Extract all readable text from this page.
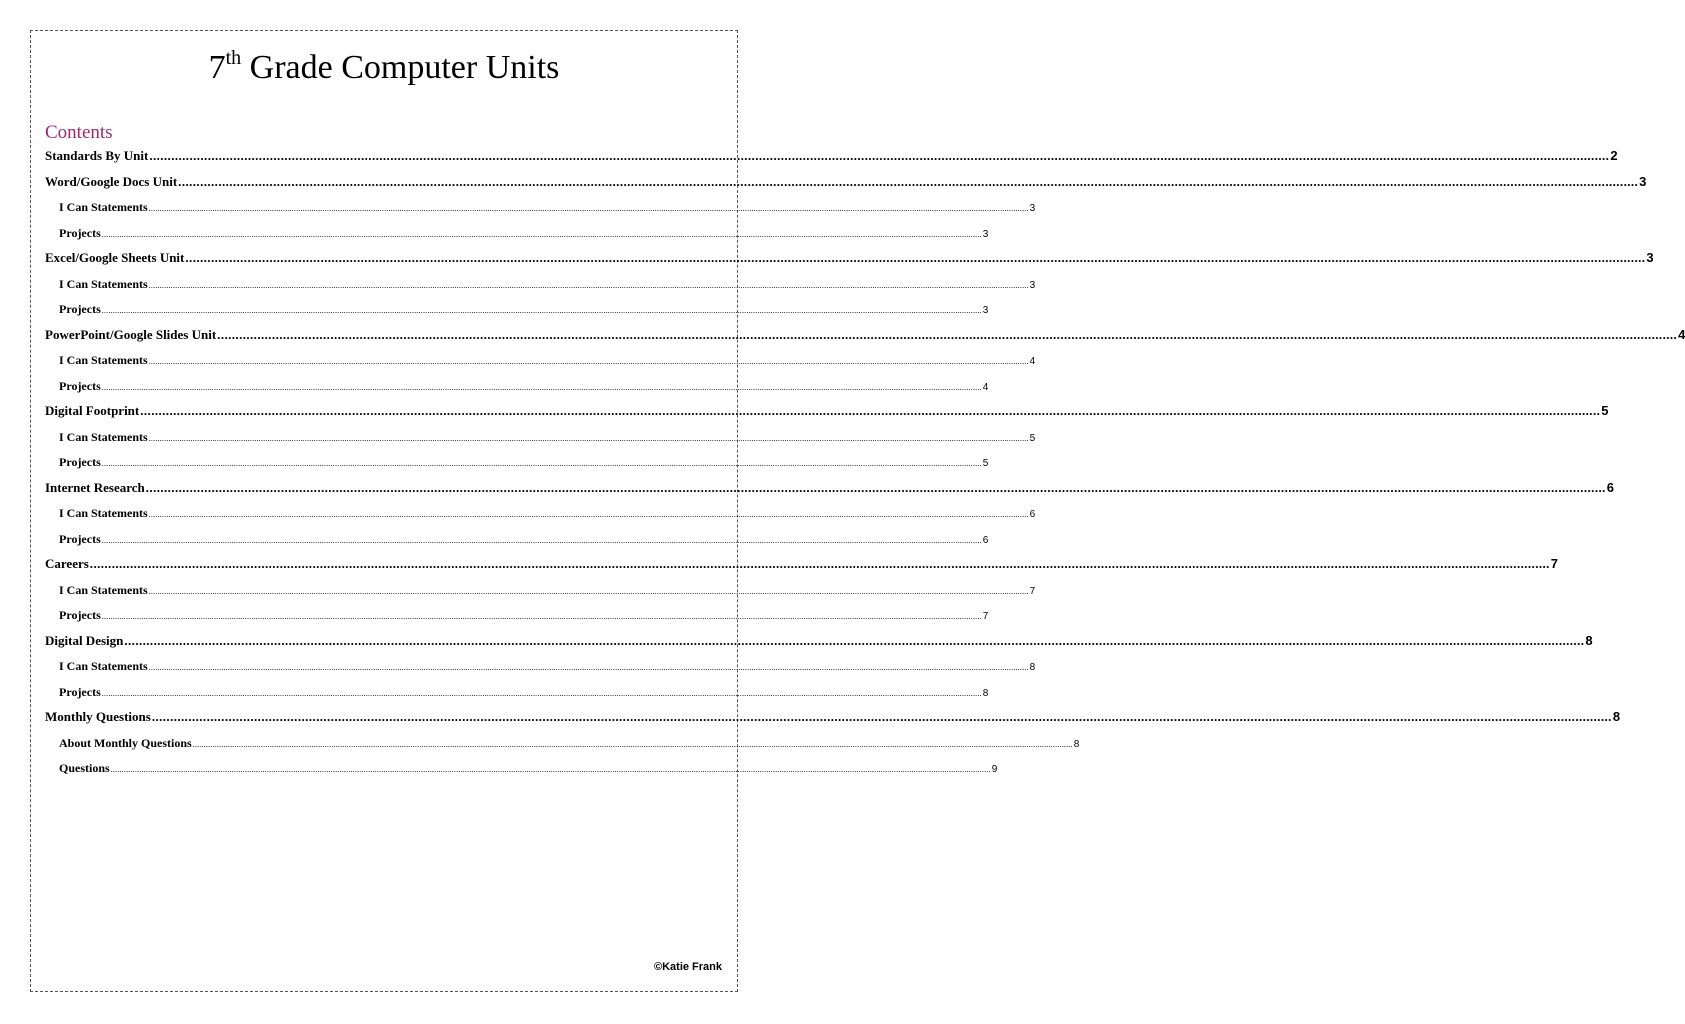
7th Grade Computer Units
Contents
Standards By Unit ................................................................................................................................................................................................................................................................................................................................................................................................................ 2
Word/Google Docs Unit ................................................................................................................................................................................................................................................................................................................................................................................................................ 3
I Can Statements ................................................................................................................................................................................................................................................................................................................................................................................................................ 3
Projects ................................................................................................................................................................................................................................................................................................................................................................................................................ 3
Excel/Google Sheets Unit ................................................................................................................................................................................................................................................................................................................................................................................................................ 3
I Can Statements ................................................................................................................................................................................................................................................................................................................................................................................................................ 3
Projects ................................................................................................................................................................................................................................................................................................................................................................................................................ 3
PowerPoint/Google Slides Unit ................................................................................................................................................................................................................................................................................................................................................................................................................ 4
I Can Statements ................................................................................................................................................................................................................................................................................................................................................................................................................ 4
Projects ................................................................................................................................................................................................................................................................................................................................................................................................................ 4
Digital Footprint ................................................................................................................................................................................................................................................................................................................................................................................................................ 5
I Can Statements ................................................................................................................................................................................................................................................................................................................................................................................................................ 5
Projects ................................................................................................................................................................................................................................................................................................................................................................................................................ 5
Internet Research ................................................................................................................................................................................................................................................................................................................................................................................................................ 6
I Can Statements ................................................................................................................................................................................................................................................................................................................................................................................................................ 6
Projects ................................................................................................................................................................................................................................................................................................................................................................................................................ 6
Careers ................................................................................................................................................................................................................................................................................................................................................................................................................ 7
I Can Statements ................................................................................................................................................................................................................................................................................................................................................................................................................ 7
Projects ................................................................................................................................................................................................................................................................................................................................................................................................................ 7
Digital Design ................................................................................................................................................................................................................................................................................................................................................................................................................ 8
I Can Statements ................................................................................................................................................................................................................................................................................................................................................................................................................ 8
Projects ................................................................................................................................................................................................................................................................................................................................................................................................................ 8
Monthly Questions ................................................................................................................................................................................................................................................................................................................................................................................................................ 8
About Monthly Questions ................................................................................................................................................................................................................................................................................................................................................................................................................ 8
Questions ................................................................................................................................................................................................................................................................................................................................................................................................................ 9
©Katie Frank
